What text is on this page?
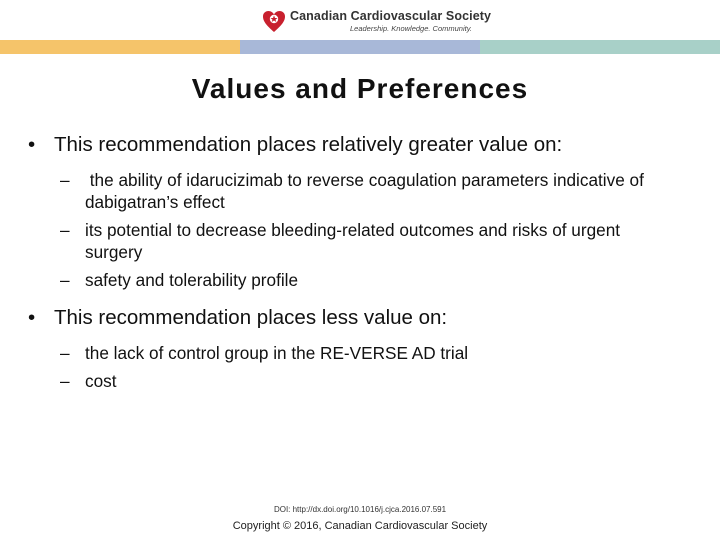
Canadian Cardiovascular Society
Leadership. Knowledge. Community.
Values and Preferences
• This recommendation places relatively greater value on:
– the ability of idarucizimab to reverse coagulation parameters indicative of dabigatran’s effect
– its potential to decrease bleeding-related outcomes and risks of urgent surgery
– safety and tolerability profile
• This recommendation places less value on:
– the lack of control group in the RE-VERSE AD trial
– cost
DOI: http://dx.doi.org/10.1016/j.cjca.2016.07.591
Copyright © 2016, Canadian Cardiovascular Society
